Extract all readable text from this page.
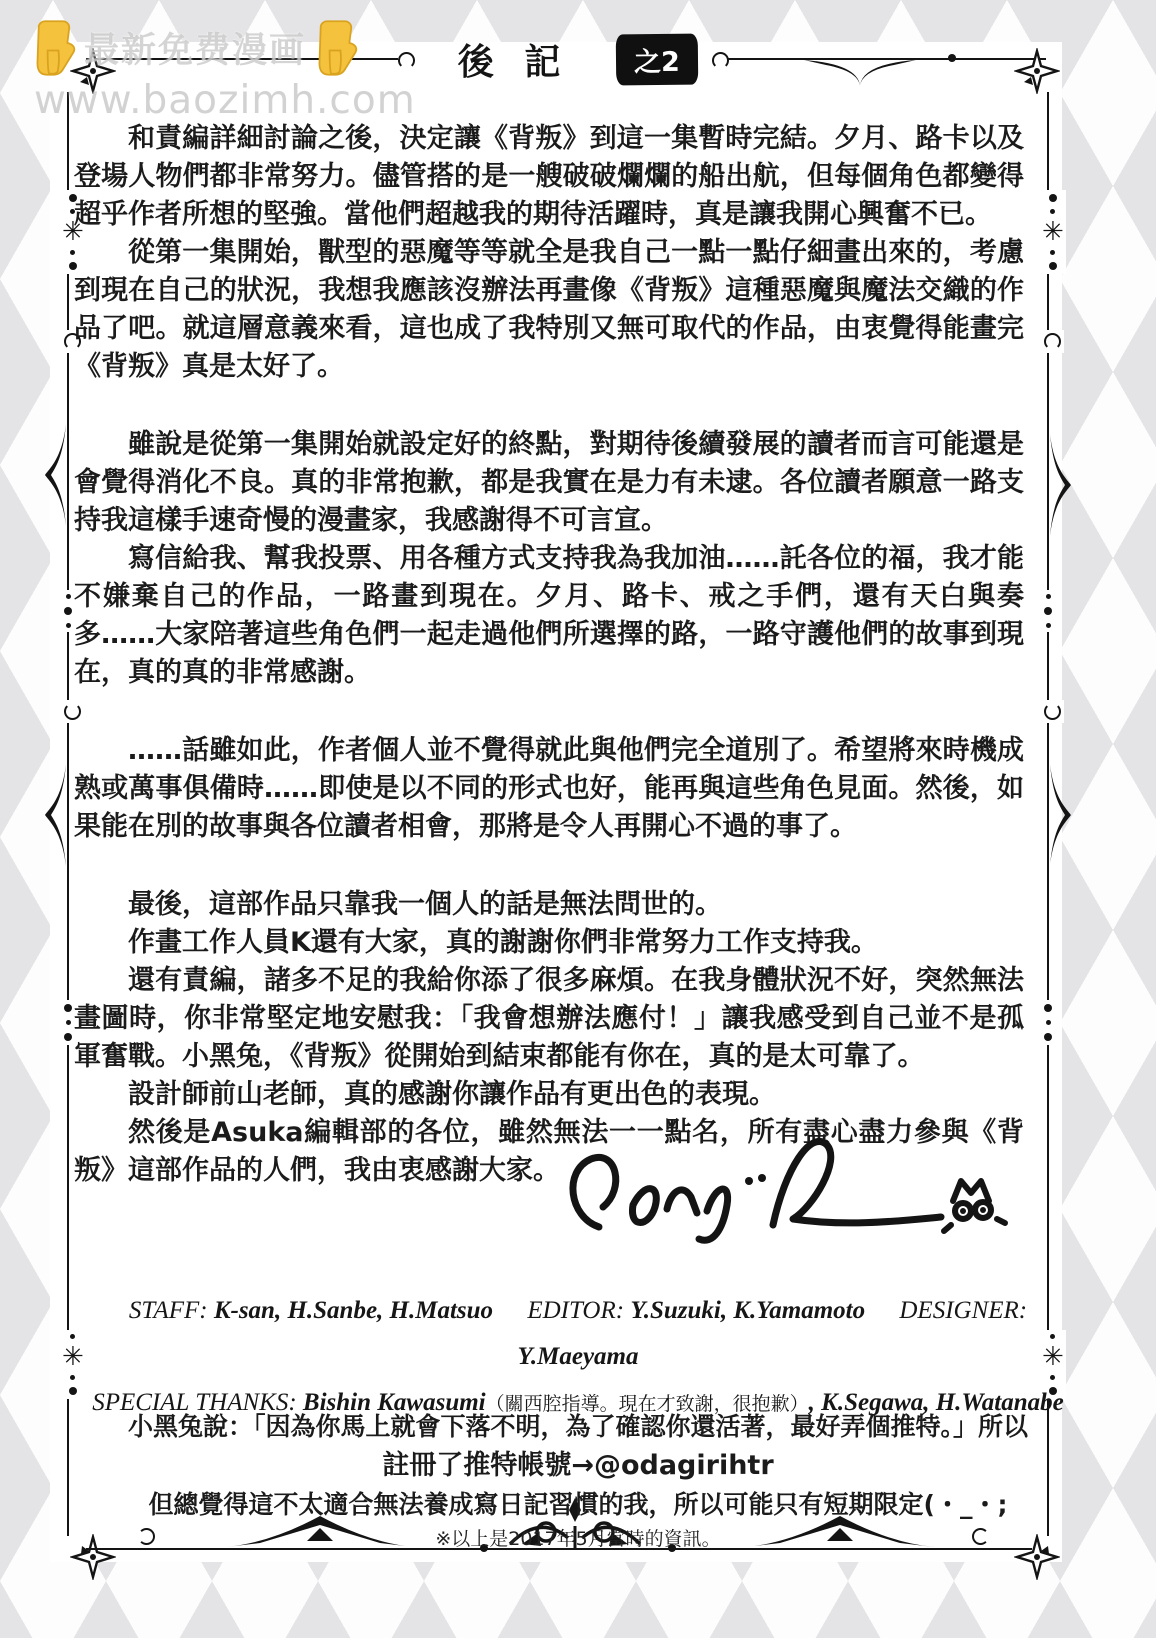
✳
✳
✳
✳
後記	之2
最新免费漫画
www.baozimh.com

和責編詳細討論之後，決定讓《背叛》到這一集暫時完結。夕月、路卡以及登場人物們都非常努力。儘管搭的是一艘破破爛爛的船出航，但每個角色都變得超乎作者所想的堅強。當他們超越我的期待活躍時，真是讓我開心興奮不已。

從第一集開始，獸型的惡魔等等就全是我自己一點一點仔細畫出來的，考慮到現在自己的狀況，我想我應該沒辦法再畫像《背叛》這種惡魔與魔法交織的作品了吧。就這層意義來看，這也成了我特別又無可取代的作品，由衷覺得能畫完《背叛》真是太好了。

雖說是從第一集開始就設定好的終點，對期待後續發展的讀者而言可能還是會覺得消化不良。真的非常抱歉，都是我實在是力有未逮。各位讀者願意一路支持我這樣手速奇慢的漫畫家，我感謝得不可言宣。

寫信給我、幫我投票、用各種方式支持我為我加油……託各位的福，我才能不嫌棄自己的作品，一路畫到現在。夕月、路卡、戒之手們，還有天白與奏多……大家陪著這些角色們一起走過他們所選擇的路，一路守護他們的故事到現在，真的真的非常感謝。

……話雖如此，作者個人並不覺得就此與他們完全道別了。希望將來時機成熟或萬事俱備時……即使是以不同的形式也好，能再與這些角色見面。然後，如果能在別的故事與各位讀者相會，那將是令人再開心不過的事了。

最後，這部作品只靠我一個人的話是無法問世的。

作畫工作人員K還有大家，真的謝謝你們非常努力工作支持我。

還有責編，諸多不足的我給你添了很多麻煩。在我身體狀況不好，突然無法畫圖時，你非常堅定地安慰我：「我會想辦法應付！」讓我感受到自己並不是孤軍奮戰。小黑兔，《背叛》從開始到結束都能有你在，真的是太可靠了。

設計師前山老師，真的感謝你讓作品有更出色的表現。

然後是Asuka編輯部的各位，雖然無法一一點名，所有盡心盡力參與《背叛》這部作品的人們，我由衷感謝大家。

STAFF: K-san, H.Sanbe, H.Matsuo EDITOR: Y.Suzuki, K.Yamamoto DESIGNER: Y.Maeyama
SPECIAL THANKS: Bishin Kawasumi（關西腔指導。現在才致謝，很抱歉）, K.Segawa, H.Watanabe
小黑兔說：「因為你馬上就會下落不明，為了確認你還活著，最好弄個推特。」所以
註冊了推特帳號→@odagirihtr
但總覺得這不太適合無法養成寫日記習慣的我，所以可能只有短期限定(・_・;
※以上是2017年5月當時的資訊。
